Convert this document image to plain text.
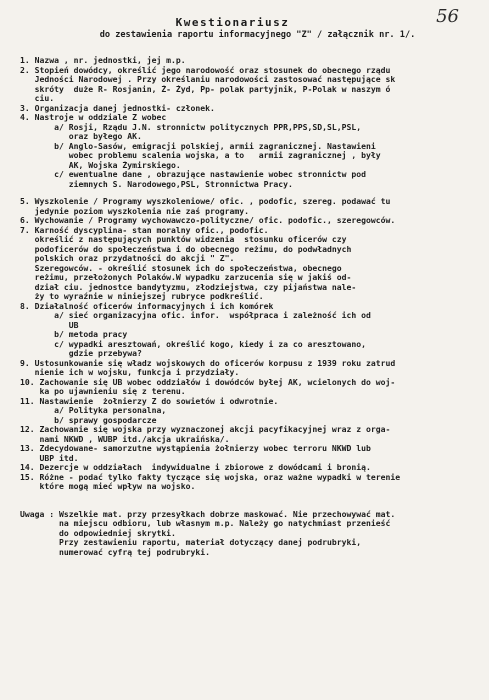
56
Kwestionariusz
do zestawienia raportu informacyjnego "Z" / załącznik nr. 1/.
1. Nazwa , nr. jednostki, jej m.p.
2. Stopień dowódcy, określić jego narodowość oraz stosunek do obecnego rządu
Jedności Narodowej . Przy określaniu narodowości zastosować następujące sk
skróty  duże R- Rosjanin, Ż- Żyd, Pp- polak partyjnik, P-Polak w naszym ó
ciu.
3. Organizacja danej jednostki- członek.
4. Nastroje w oddziale Z wobec
a/ Rosji, Rządu J.N. stronnictw politycznych PPR,PPS,SD,SL,PSL,
oraz byłego AK.
b/ Anglo-Sasów, emigracji polskiej, armii zagranicznej. Nastawieni
wobec problemu scalenia wojska, a to   armii zagranicznej , były
AK, Wojska Żymirskiego.
c/ ewentualne dane , obrazujące nastawienie wobec stronnictw pod
ziemnych S. Narodowego,PSL, Stronnictwa Pracy.
5. Wyszkolenie / Programy wyszkoleniowe/ ofic. , podofic, szereg. podawać tu
jedynie poziom wyszkolenia nie zaś programy.
6. Wychowanie / Programy wychowawczo-polityczne/ ofic. podofic., szeregowców.
7. Karność dyscyplina- stan moralny ofic., podofic.
określić z następujących punktów widzenia  stosunku oficerów czy
podoficerów do społeczeństwa i do obecnego reżimu, do podwładnych
polskich oraz przydatności do akcji " Z".
Szeregowców. - określić stosunek ich do społeczeństwa, obecnego
reżimu, przełożonych Polaków.W wypadku zarzucenia się w jakiś od-
dział ciu. jednostce bandytyzmu, złodziejstwa, czy pijaństwa nale-
ży to wyraźnie w niniejszej rubryce podkreślić.
8. Działalność oficerów informacyjnych i ich komórek
a/ sieć organizacyjna ofic. infor.  współpraca i zależność ich od
UB
b/ metoda pracy
c/ wypadki aresztowań, określić kogo, kiedy i za co aresztowano,
gdzie przebywa?
9. Ustosunkowanie się władz wojskowych do oficerów korpusu z 1939 roku zatrud
nienie ich w wojsku, funkcja i przydziały.
10. Zachowanie się UB wobec oddziałów i dowódców byłej AK, wcielonych do woj-
ka po ujawnieniu się z terenu.
11. Nastawienie  żołnierzy Z do sowietów i odwrotnie.
a/ Polityka personalna,
b/ sprawy gospodarcze
12. Zachowanie się wojska przy wyznaczonej akcji pacyfikacyjnej wraz z orga-
nami NKWD , WUBP itd./akcja ukraińska/.
13. Zdecydowane- samorzutne wystąpienia żołnierzy wobec terroru NKWD lub
UBP itd.
14. Dezercje w oddziałach  indywidualne i zbiorowe z dowódcami i bronią.
15. Różne - podać tylko fakty tyczące się wojska, oraz ważne wypadki w terenie
które mogą mieć wpływ na wojsko.
Uwaga : Wszelkie mat. przy przesyłkach dobrze maskować. Nie przechowywać mat.
na miejscu odbioru, lub własnym m.p. Należy go natychmiast przenieść
do odpowiedniej skrytki.
Przy zestawieniu raportu, materiał dotyczący danej podrubryki,
numerować cyfrą tej podrubryki.
